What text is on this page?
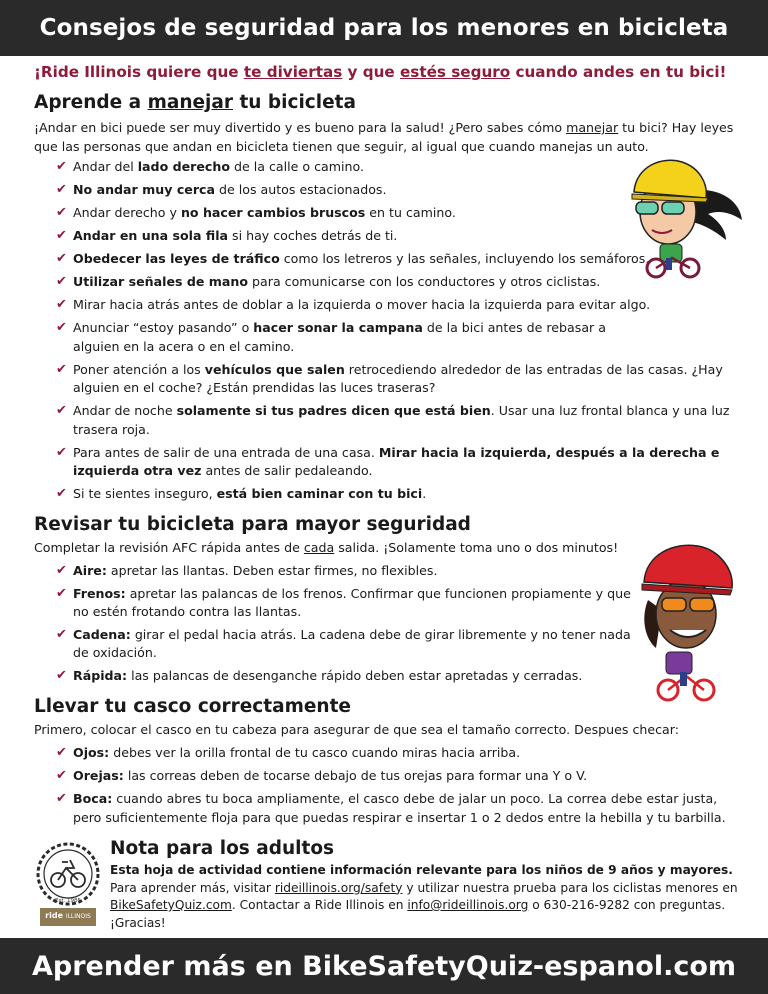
Consejos de seguridad para los menores en bicicleta
¡Ride Illinois quiere que te diviertas y que estés seguro cuando andes en tu bici!
Aprende a manejar tu bicicleta

¡Andar en bici puede ser muy divertido y es bueno para la salud! ¿Pero sabes cómo manejar tu bici? Hay leyes que las personas que andan en bicicleta tienen que seguir, al igual que cuando manejas un auto.

✔ Andar del lado derecho de la calle o camino.
✔ No andar muy cerca de los autos estacionados.
✔ Andar derecho y no hacer cambios bruscos en tu camino.
✔ Andar en una sola fila si hay coches detrás de ti.
✔ Obedecer las leyes de tráfico como los letreros y las señales, incluyendo los semáforos.
✔ Utilizar señales de mano para comunicarse con los conductores y otros ciclistas.
✔ Mirar hacia atrás antes de doblar a la izquierda o mover hacia la izquierda para evitar algo.
✔ Anunciar “estoy pasando” o hacer sonar la campana de la bici antes de rebasar a alguien en la acera o en el camino.
✔ Poner atención a los vehículos que salen retrocediendo alrededor de las entradas de las casas. ¿Hay alguien en el coche? ¿Están prendidas las luces traseras?
✔ Andar de noche solamente si tus padres dicen que está bien. Usar una luz frontal blanca y una luz trasera roja.
✔ Para antes de salir de una entrada de una casa. Mirar hacia la izquierda, después a la derecha e izquierda otra vez antes de salir pedaleando.
✔ Si te sientes inseguro, está bien caminar con tu bici.
Revisar tu bicicleta para mayor seguridad

Completar la revisión AFC rápida antes de cada salida. ¡Solamente toma uno o dos minutos!

✔ Aire: apretar las llantas. Deben estar firmes, no flexibles.
✔ Frenos: apretar las palancas de los frenos. Confirmar que funcionen propiamente y que no estén frotando contra las llantas.
✔ Cadena: girar el pedal hacia atrás. La cadena debe de girar libremente y no tener nada de oxidación.
✔ Rápida: las palancas de desenganche rápido deben estar apretadas y cerradas.
Llevar tu casco correctamente

Primero, colocar el casco en tu cabeza para asegurar de que sea el tamaño correcto. Despues checar:

✔ Ojos: debes ver la orilla frontal de tu casco cuando miras hacia arriba.
✔ Orejas: las correas deben de tocarse debajo de tus orejas para formar una Y o V.
✔ Boca: cuando abres tu boca ampliamente, el casco debe de jalar un poco. La correa debe estar justa, pero suficientemente floja para que puedas respirar e insertar 1 o 2 dedos entre la hebilla y tu barbilla.
Est. 1985
ride ILLINOIS
Nota para los adultos

Esta hoja de actividad contiene información relevante para los niños de 9 años y mayores.
Para aprender más, visitar rideillinois.org/safety y utilizar nuestra prueba para los ciclistas menores en BikeSafetyQuiz.com. Contactar a Ride Illinois en info@rideillinois.org o 630-216-9282 con preguntas. ¡Gracias!

Aprender más en BikeSafetyQuiz-espanol.com
